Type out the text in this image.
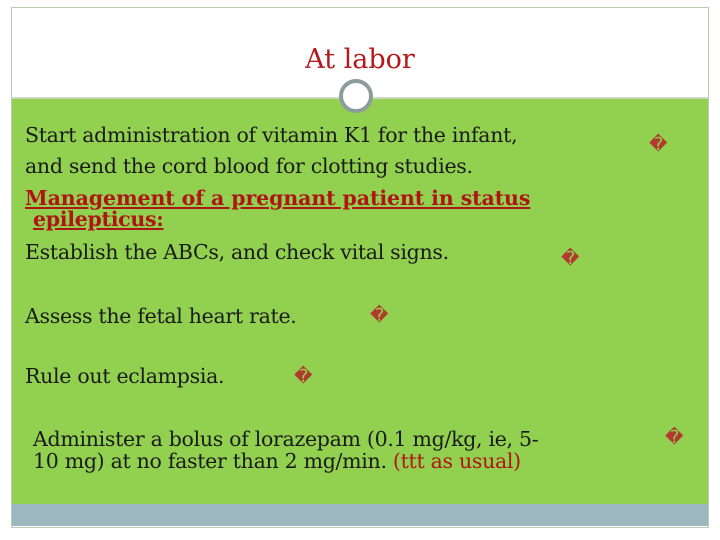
At labor
Start administration of vitamin K1 for the infant,	�
and send the cord blood for clotting studies.
Management of a pregnant patient in status
epilepticus:
Establish the ABCs, and check vital signs.	�
Assess the fetal heart rate.	�
Rule out eclampsia.	�
Administer a bolus of lorazepam (0.1 mg/kg, ie, 5-	�
10 mg) at no faster than 2 mg/min. (ttt as usual)
